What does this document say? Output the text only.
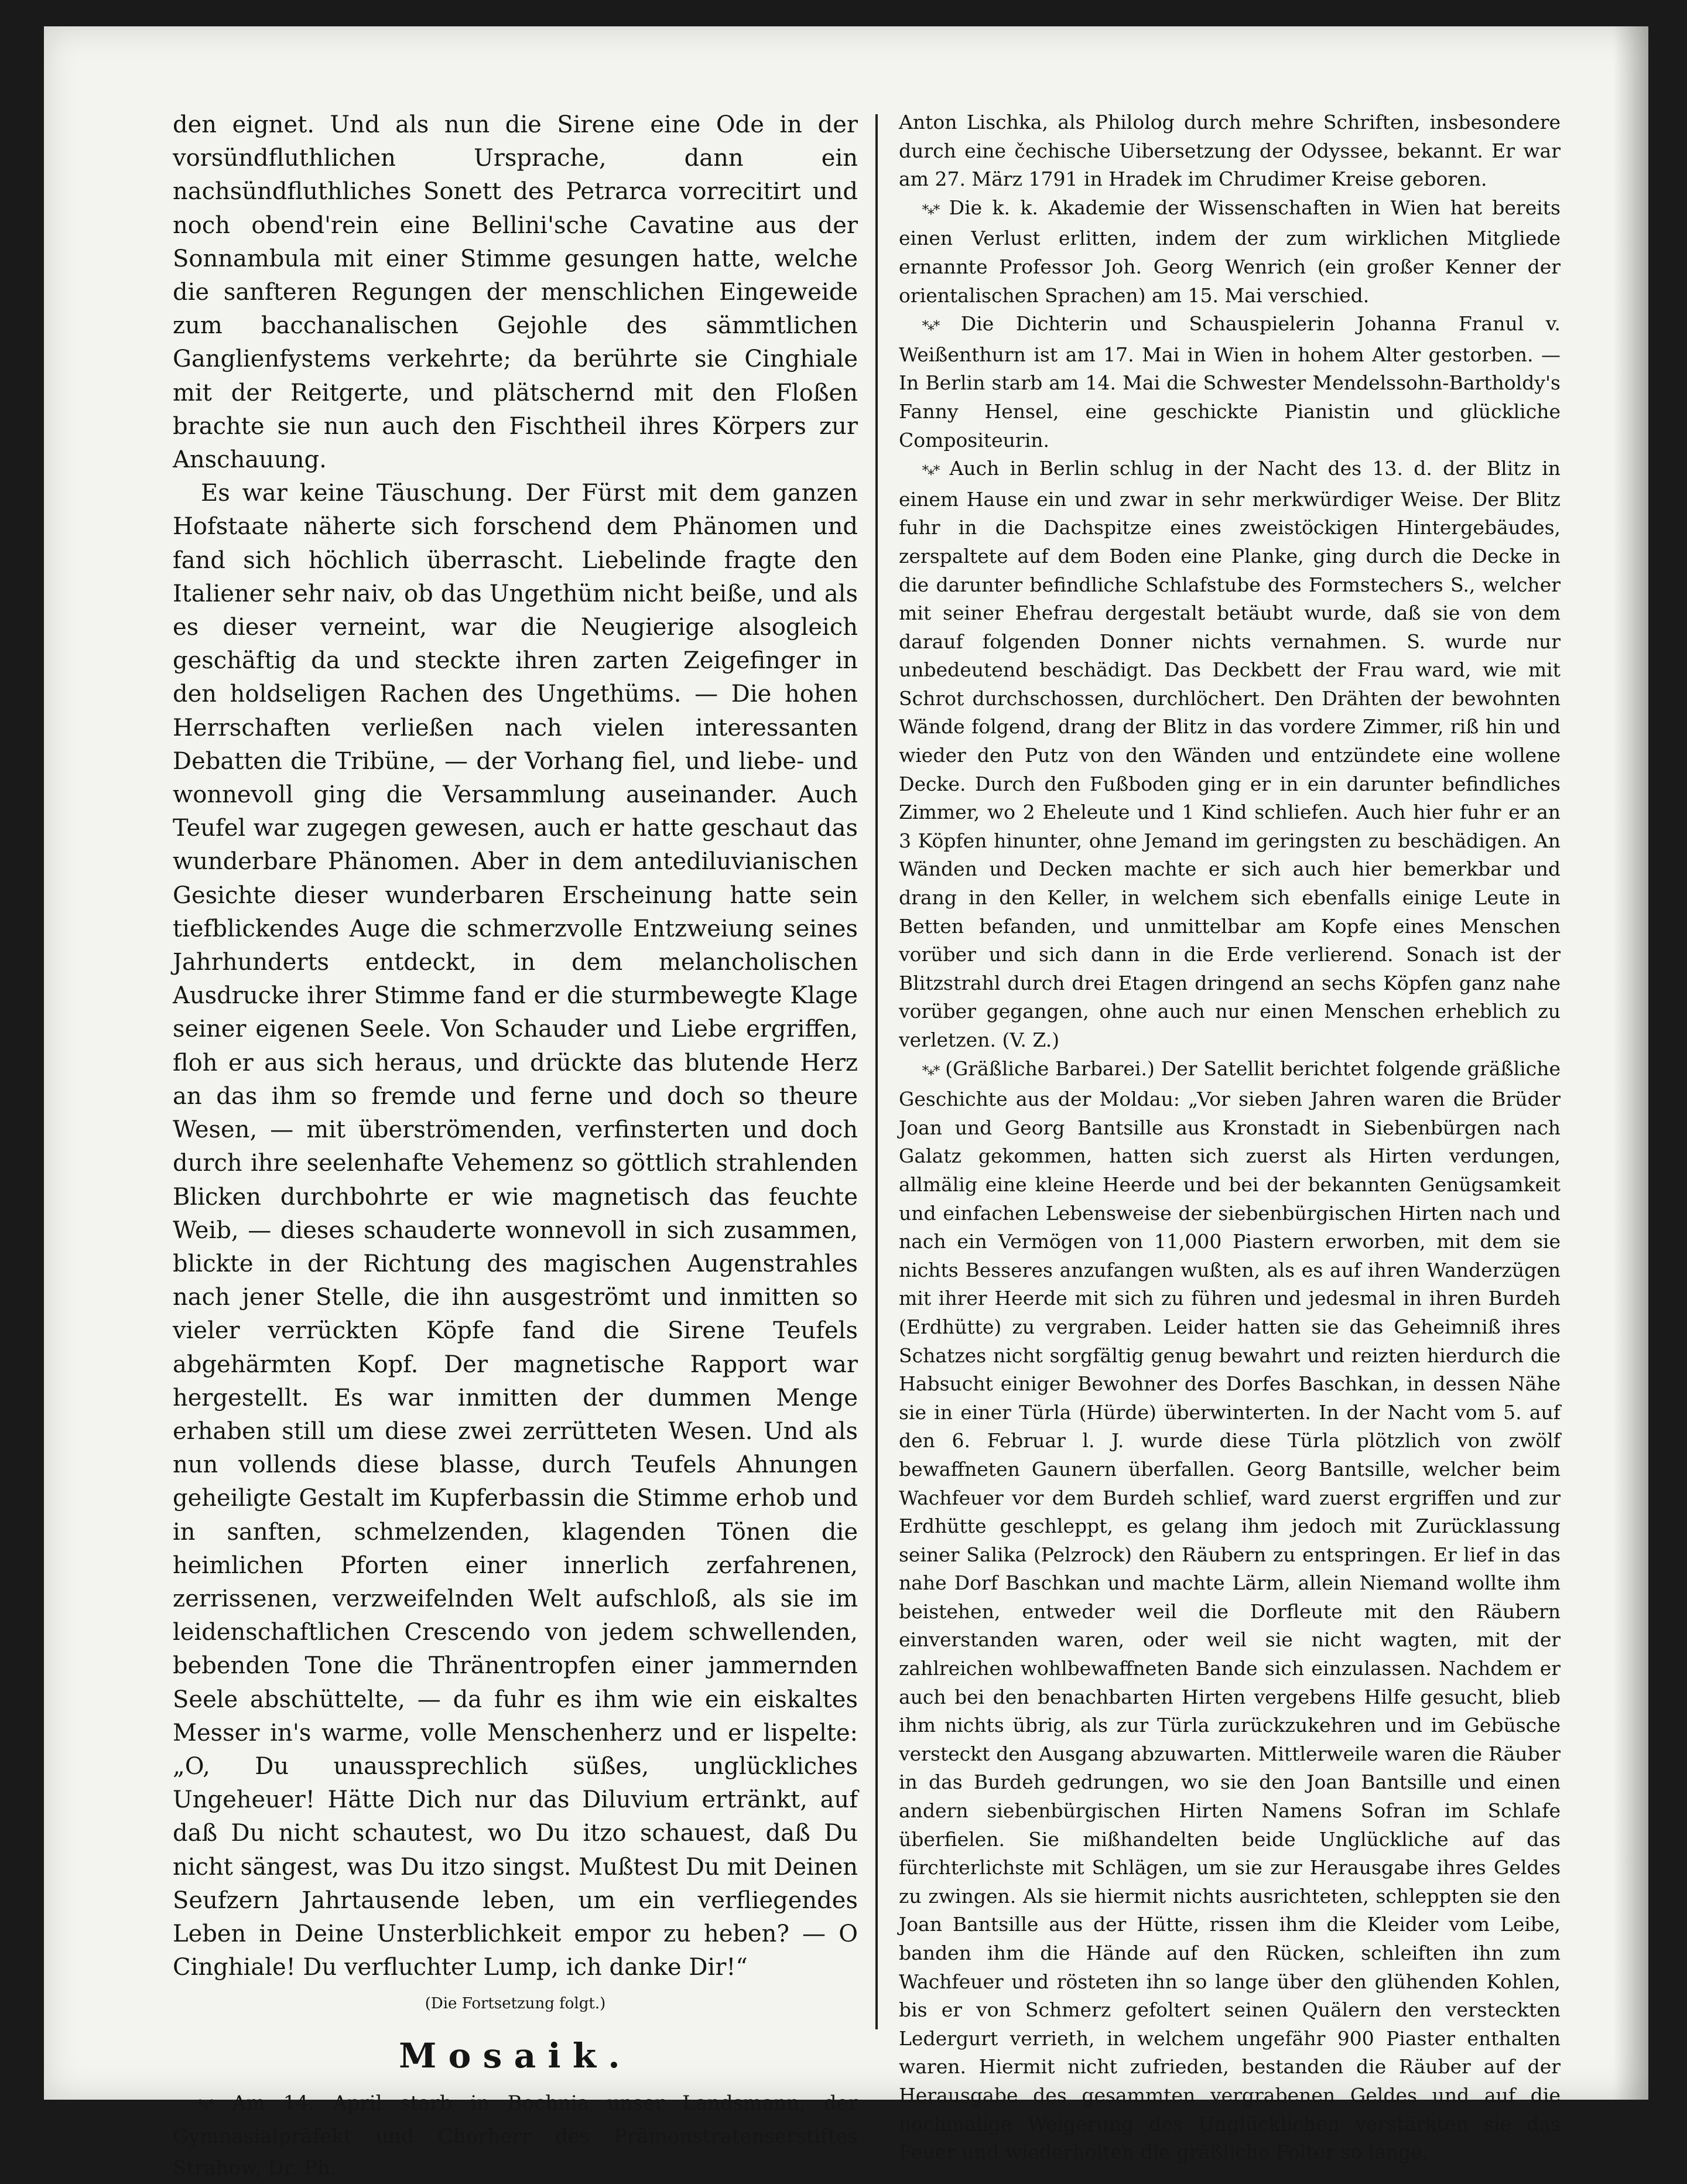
den eignet. Und als nun die Sirene eine Ode in der vorsündfluthlichen Ursprache, dann ein nachsündfluthliches Sonett des Petrarca vorrecitirt und noch obend'rein eine Bellini'sche Cavatine aus der Sonnambula mit einer Stimme gesungen hatte, welche die sanfteren Regungen der menschlichen Eingeweide zum bacchanalischen Gejohle des sämmtlichen Ganglienfystems verkehrte; da berührte sie Cinghiale mit der Reitgerte, und plätschernd mit den Floßen brachte sie nun auch den Fischtheil ihres Körpers zur Anschauung.

Es war keine Täuschung. Der Fürst mit dem ganzen Hofstaate näherte sich forschend dem Phänomen und fand sich höchlich überrascht. Liebelinde fragte den Italiener sehr naiv, ob das Ungethüm nicht beiße, und als es dieser verneint, war die Neugierige alsogleich geschäftig da und steckte ihren zarten Zeigefinger in den holdseligen Rachen des Ungethüms. — Die hohen Herrschaften verließen nach vielen interessanten Debatten die Tribüne, — der Vorhang fiel, und liebe- und wonnevoll ging die Versammlung auseinander. Auch Teufel war zugegen gewesen, auch er hatte geschaut das wunderbare Phänomen. Aber in dem antediluvianischen Gesichte dieser wunderbaren Erscheinung hatte sein tiefblickendes Auge die schmerzvolle Entzweiung seines Jahrhunderts entdeckt, in dem melancholischen Ausdrucke ihrer Stimme fand er die sturmbewegte Klage seiner eigenen Seele. Von Schauder und Liebe ergriffen, floh er aus sich heraus, und drückte das blutende Herz an das ihm so fremde und ferne und doch so theure Wesen, — mit überströmenden, verfinsterten und doch durch ihre seelenhafte Vehemenz so göttlich strahlenden Blicken durchbohrte er wie magnetisch das feuchte Weib, — dieses schauderte wonnevoll in sich zusammen, blickte in der Richtung des magischen Augenstrahles nach jener Stelle, die ihn ausgeströmt und inmitten so vieler verrückten Köpfe fand die Sirene Teufels abgehärmten Kopf. Der magnetische Rapport war hergestellt. Es war inmitten der dummen Menge erhaben still um diese zwei zerrütteten Wesen. Und als nun vollends diese blasse, durch Teufels Ahnungen geheiligte Gestalt im Kupferbassin die Stimme erhob und in sanften, schmelzenden, klagenden Tönen die heimlichen Pforten einer innerlich zerfahrenen, zerrissenen, verzweifelnden Welt aufschloß, als sie im leidenschaftlichen Crescendo von jedem schwellenden, bebenden Tone die Thränentropfen einer jammernden Seele abschüttelte, — da fuhr es ihm wie ein eiskaltes Messer in's warme, volle Menschenherz und er lispelte: „O, Du unaussprechlich süßes, unglückliches Ungeheuer! Hätte Dich nur das Diluvium ertränkt, auf daß Du nicht schautest, wo Du itzo schauest, daß Du nicht sängest, was Du itzo singst. Mußtest Du mit Deinen Seufzern Jahrtausende leben, um ein verfliegendes Leben in Deine Unsterblichkeit empor zu heben? — O Cinghiale! Du verfluchter Lump, ich danke Dir!“

(Die Fortsetzung folgt.)
Mosaik.

*⁎* Am 14. April starb in Bochnia unser Landsmann, der Gymnasialpräfekt und Chorherr des Prämonstratenserstiftes Strahow, Dr. Ph.

Anton Lischka, als Philolog durch mehre Schriften, insbesondere durch eine čechische Uibersetzung der Odyssee, bekannt. Er war am 27. März 1791 in Hradek im Chrudimer Kreise geboren.

*⁎* Die k. k. Akademie der Wissenschaften in Wien hat bereits einen Verlust erlitten, indem der zum wirklichen Mitgliede ernannte Professor Joh. Georg Wenrich (ein großer Kenner der orientalischen Sprachen) am 15. Mai verschied.

*⁎* Die Dichterin und Schauspielerin Johanna Franul v. Weißenthurn ist am 17. Mai in Wien in hohem Alter gestorben. — In Berlin starb am 14. Mai die Schwester Mendelssohn-Bartholdy's Fanny Hensel, eine geschickte Pianistin und glückliche Compositeurin.

*⁎* Auch in Berlin schlug in der Nacht des 13. d. der Blitz in einem Hause ein und zwar in sehr merkwürdiger Weise. Der Blitz fuhr in die Dachspitze eines zweistöckigen Hintergebäudes, zerspaltete auf dem Boden eine Planke, ging durch die Decke in die darunter befindliche Schlafstube des Formstechers S., welcher mit seiner Ehefrau dergestalt betäubt wurde, daß sie von dem darauf folgenden Donner nichts vernahmen. S. wurde nur unbedeutend beschädigt. Das Deckbett der Frau ward, wie mit Schrot durchschossen, durchlöchert. Den Drähten der bewohnten Wände folgend, drang der Blitz in das vordere Zimmer, riß hin und wieder den Putz von den Wänden und entzündete eine wollene Decke. Durch den Fußboden ging er in ein darunter befindliches Zimmer, wo 2 Eheleute und 1 Kind schliefen. Auch hier fuhr er an 3 Köpfen hinunter, ohne Jemand im geringsten zu beschädigen. An Wänden und Decken machte er sich auch hier bemerkbar und drang in den Keller, in welchem sich ebenfalls einige Leute in Betten befanden, und unmittelbar am Kopfe eines Menschen vorüber und sich dann in die Erde verlierend. Sonach ist der Blitzstrahl durch drei Etagen dringend an sechs Köpfen ganz nahe vorüber gegangen, ohne auch nur einen Menschen erheblich zu verletzen. (V. Z.)

*⁎* (Gräßliche Barbarei.) Der Satellit berichtet folgende gräßliche Geschichte aus der Moldau: „Vor sieben Jahren waren die Brüder Joan und Georg Bantsille aus Kronstadt in Siebenbürgen nach Galatz gekommen, hatten sich zuerst als Hirten verdungen, allmälig eine kleine Heerde und bei der bekannten Genügsamkeit und einfachen Lebensweise der siebenbürgischen Hirten nach und nach ein Vermögen von 11,000 Piastern erworben, mit dem sie nichts Besseres anzufangen wußten, als es auf ihren Wanderzügen mit ihrer Heerde mit sich zu führen und jedesmal in ihren Burdeh (Erdhütte) zu vergraben. Leider hatten sie das Geheimniß ihres Schatzes nicht sorgfältig genug bewahrt und reizten hierdurch die Habsucht einiger Bewohner des Dorfes Baschkan, in dessen Nähe sie in einer Türla (Hürde) überwinterten. In der Nacht vom 5. auf den 6. Februar l. J. wurde diese Türla plötzlich von zwölf bewaffneten Gaunern überfallen. Georg Bantsille, welcher beim Wachfeuer vor dem Burdeh schlief, ward zuerst ergriffen und zur Erdhütte geschleppt, es gelang ihm jedoch mit Zurücklassung seiner Salika (Pelzrock) den Räubern zu entspringen. Er lief in das nahe Dorf Baschkan und machte Lärm, allein Niemand wollte ihm beistehen, entweder weil die Dorfleute mit den Räubern einverstanden waren, oder weil sie nicht wagten, mit der zahlreichen wohlbewaffneten Bande sich einzulassen. Nachdem er auch bei den benachbarten Hirten vergebens Hilfe gesucht, blieb ihm nichts übrig, als zur Türla zurückzukehren und im Gebüsche versteckt den Ausgang abzuwarten. Mittlerweile waren die Räuber in das Burdeh gedrungen, wo sie den Joan Bantsille und einen andern siebenbürgischen Hirten Namens Sofran im Schlafe überfielen. Sie mißhandelten beide Unglückliche auf das fürchterlichste mit Schlägen, um sie zur Herausgabe ihres Geldes zu zwingen. Als sie hiermit nichts ausrichteten, schleppten sie den Joan Bantsille aus der Hütte, rissen ihm die Kleider vom Leibe, banden ihm die Hände auf den Rücken, schleiften ihn zum Wachfeuer und rösteten ihn so lange über den glühenden Kohlen, bis er von Schmerz gefoltert seinen Quälern den versteckten Ledergurt verrieth, in welchem ungefähr 900 Piaster enthalten waren. Hiermit nicht zufrieden, bestanden die Räuber auf der Herausgabe des gesammten vergrabenen Geldes und auf die nochmalige Weigerung des Unglücklichen verstärkten sie das Feuer und wiederholten die gräßliche Folter so lange,
